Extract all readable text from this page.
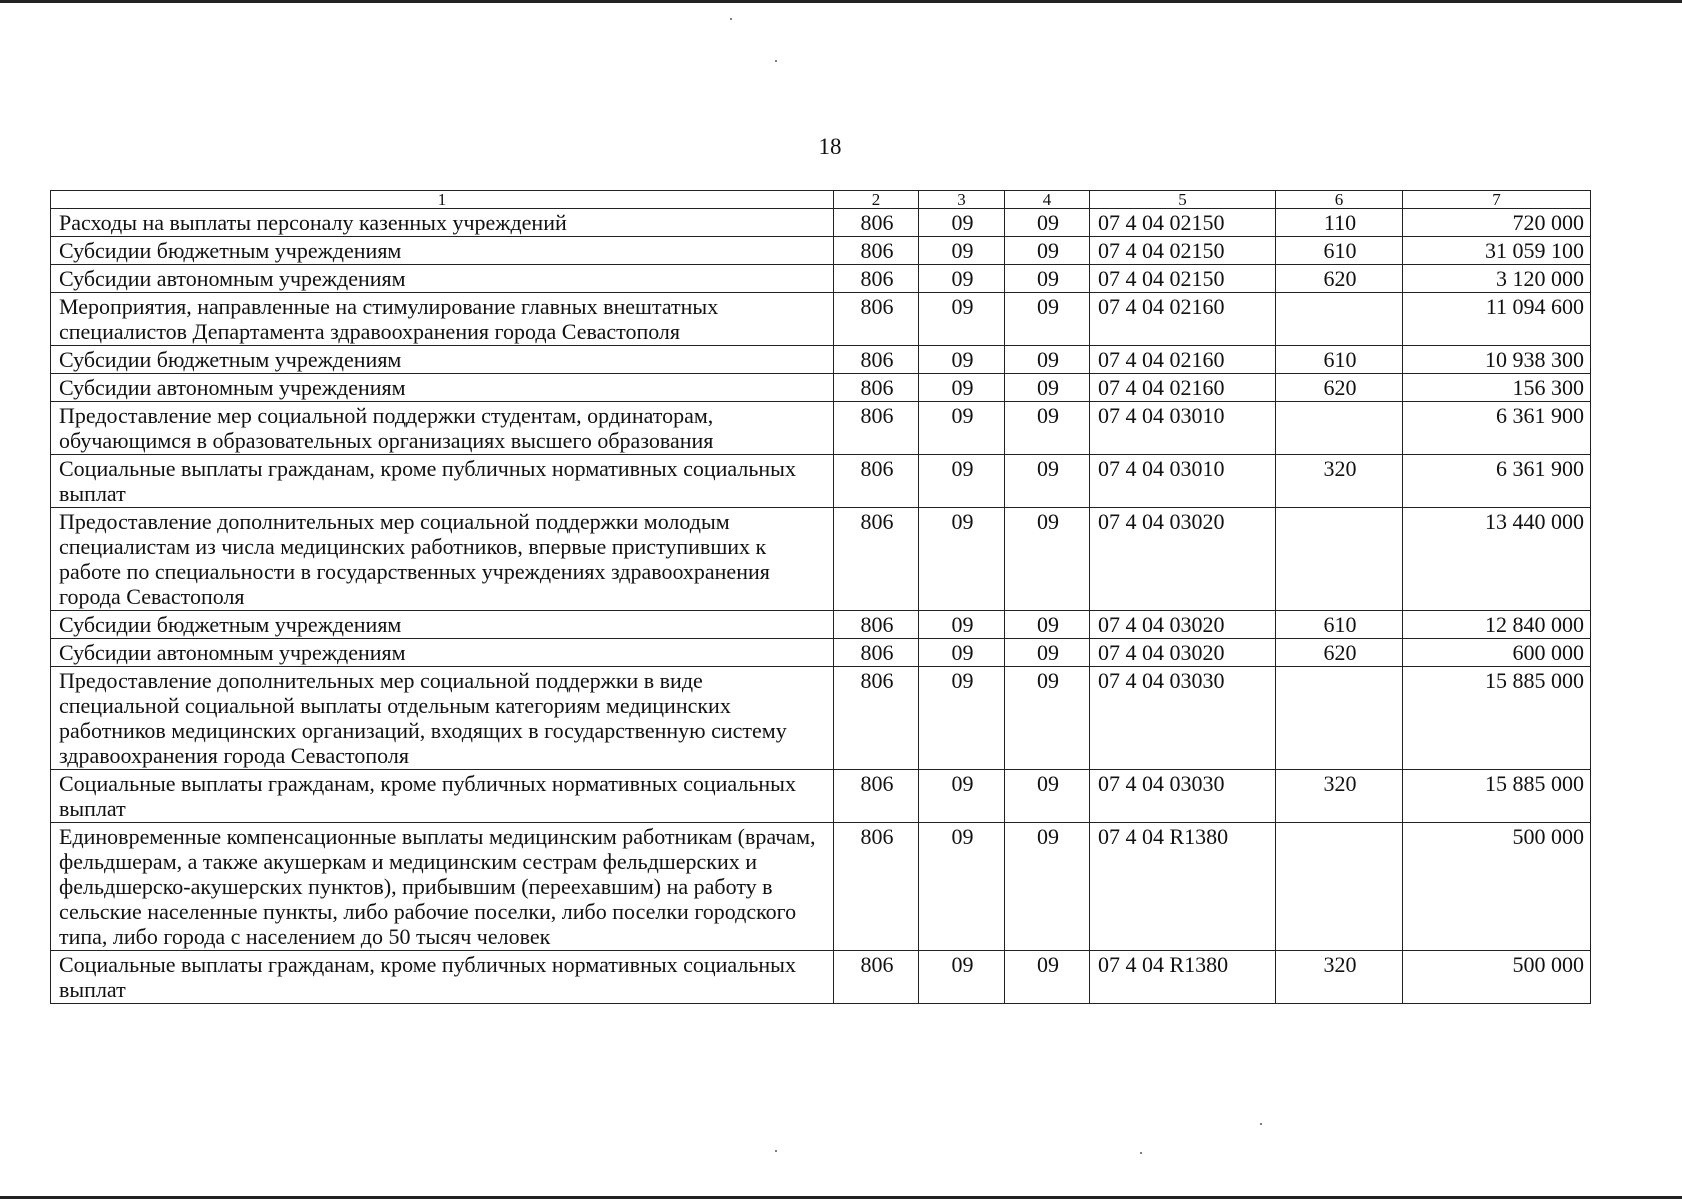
18
1	2	3	4	5	6	7
Расходы на выплаты персоналу казенных учреждений	806	09	09	07 4 04 02150	110	720 000
Субсидии бюджетным учреждениям	806	09	09	07 4 04 02150	610	31 059 100
Субсидии автономным учреждениям	806	09	09	07 4 04 02150	620	3 120 000
Мероприятия, направленные на стимулирование главных внештатных специалистов Департамента здравоохранения города Севастополя	806	09	09	07 4 04 02160		11 094 600
Субсидии бюджетным учреждениям	806	09	09	07 4 04 02160	610	10 938 300
Субсидии автономным учреждениям	806	09	09	07 4 04 02160	620	156 300
Предоставление мер социальной поддержки студентам, ординаторам, обучающимся в образовательных организациях высшего образования	806	09	09	07 4 04 03010		6 361 900
Социальные выплаты гражданам, кроме публичных нормативных социальных выплат	806	09	09	07 4 04 03010	320	6 361 900
Предоставление дополнительных мер социальной поддержки молодым специалистам из числа медицинских работников, впервые приступивших к работе по специальности в государственных учреждениях здравоохранения города Севастополя	806	09	09	07 4 04 03020		13 440 000
Субсидии бюджетным учреждениям	806	09	09	07 4 04 03020	610	12 840 000
Субсидии автономным учреждениям	806	09	09	07 4 04 03020	620	600 000
Предоставление дополнительных мер социальной поддержки в виде специальной социальной выплаты отдельным категориям медицинских работников медицинских организаций, входящих в государственную систему здравоохранения города Севастополя	806	09	09	07 4 04 03030		15 885 000
Социальные выплаты гражданам, кроме публичных нормативных социальных выплат	806	09	09	07 4 04 03030	320	15 885 000
Единовременные компенсационные выплаты медицинским работникам (врачам, фельдшерам, а также акушеркам и медицинским сестрам фельдшерских и фельдшерско-акушерских пунктов), прибывшим (переехавшим) на работу в сельские населенные пункты, либо рабочие поселки, либо поселки городского типа, либо города с населением до 50 тысяч человек	806	09	09	07 4 04 R1380		500 000
Социальные выплаты гражданам, кроме публичных нормативных социальных выплат	806	09	09	07 4 04 R1380	320	500 000
